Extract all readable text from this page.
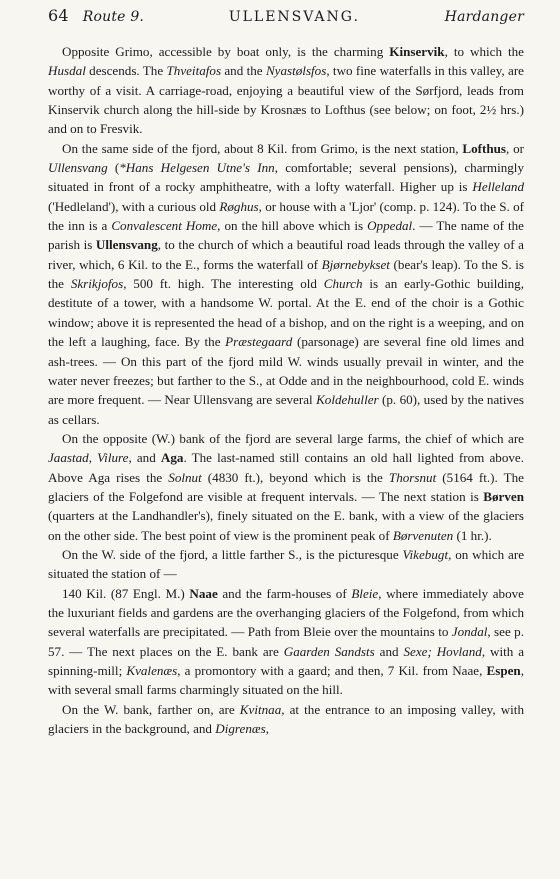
64 Route 9.	ULLENSVANG.	Hardanger

Opposite Grimo, accessible by boat only, is the charming Kinservik, to which the Husdal descends. The Thveitafos and the Nyastølsfos, two fine waterfalls in this valley, are worthy of a visit. A carriage-road, enjoying a beautiful view of the Sørfjord, leads from Kinservik church along the hill-side by Krosnæs to Lofthus (see below; on foot, 2½ hrs.) and on to Fresvik.

On the same side of the fjord, about 8 Kil. from Grimo, is the next station, Lofthus, or Ullensvang (*Hans Helgesen Utne's Inn, comfortable; several pensions), charmingly situated in front of a rocky amphitheatre, with a lofty waterfall. Higher up is Helleland ('Hedleland'), with a curious old Røghus, or house with a 'Ljor' (comp. p. 124). To the S. of the inn is a Convalescent Home, on the hill above which is Oppedal. — The name of the parish is Ullensvang, to the church of which a beautiful road leads through the valley of a river, which, 6 Kil. to the E., forms the waterfall of Bjørnebykset (bear's leap). To the S. is the Skrikjofos, 500 ft. high. The interesting old Church is an early-Gothic building, destitute of a tower, with a handsome W. portal. At the E. end of the choir is a Gothic window; above it is represented the head of a bishop, and on the right is a weeping, and on the left a laughing, face. By the Præstegaard (parsonage) are several fine old limes and ash-trees. — On this part of the fjord mild W. winds usually prevail in winter, and the water never freezes; but farther to the S., at Odde and in the neighbourhood, cold E. winds are more frequent. — Near Ullensvang are several Koldehuller (p. 60), used by the natives as cellars.

On the opposite (W.) bank of the fjord are several large farms, the chief of which are Jaastad, Vilure, and Aga. The last-named still contains an old hall lighted from above. Above Aga rises the Solnut (4830 ft.), beyond which is the Thorsnut (5164 ft.). The glaciers of the Folgefond are visible at frequent intervals. — The next station is Børven (quarters at the Landhandler's), finely situated on the E. bank, with a view of the glaciers on the other side. The best point of view is the prominent peak of Børvenuten (1 hr.).

On the W. side of the fjord, a little farther S., is the picturesque Vikebugt, on which are situated the station of —

140 Kil. (87 Engl. M.) Naae and the farm-houses of Bleie, where immediately above the luxuriant fields and gardens are the overhanging glaciers of the Folgefond, from which several waterfalls are precipitated. — Path from Bleie over the mountains to Jondal, see p. 57. — The next places on the E. bank are Gaarden Sandsts and Sexe; Hovland, with a spinning-mill; Kvalenæs, a promontory with a gaard; and then, 7 Kil. from Naae, Espen, with several small farms charmingly situated on the hill.

On the W. bank, farther on, are Kvitnaa, at the entrance to an imposing valley, with glaciers in the background, and Digrenæs,
